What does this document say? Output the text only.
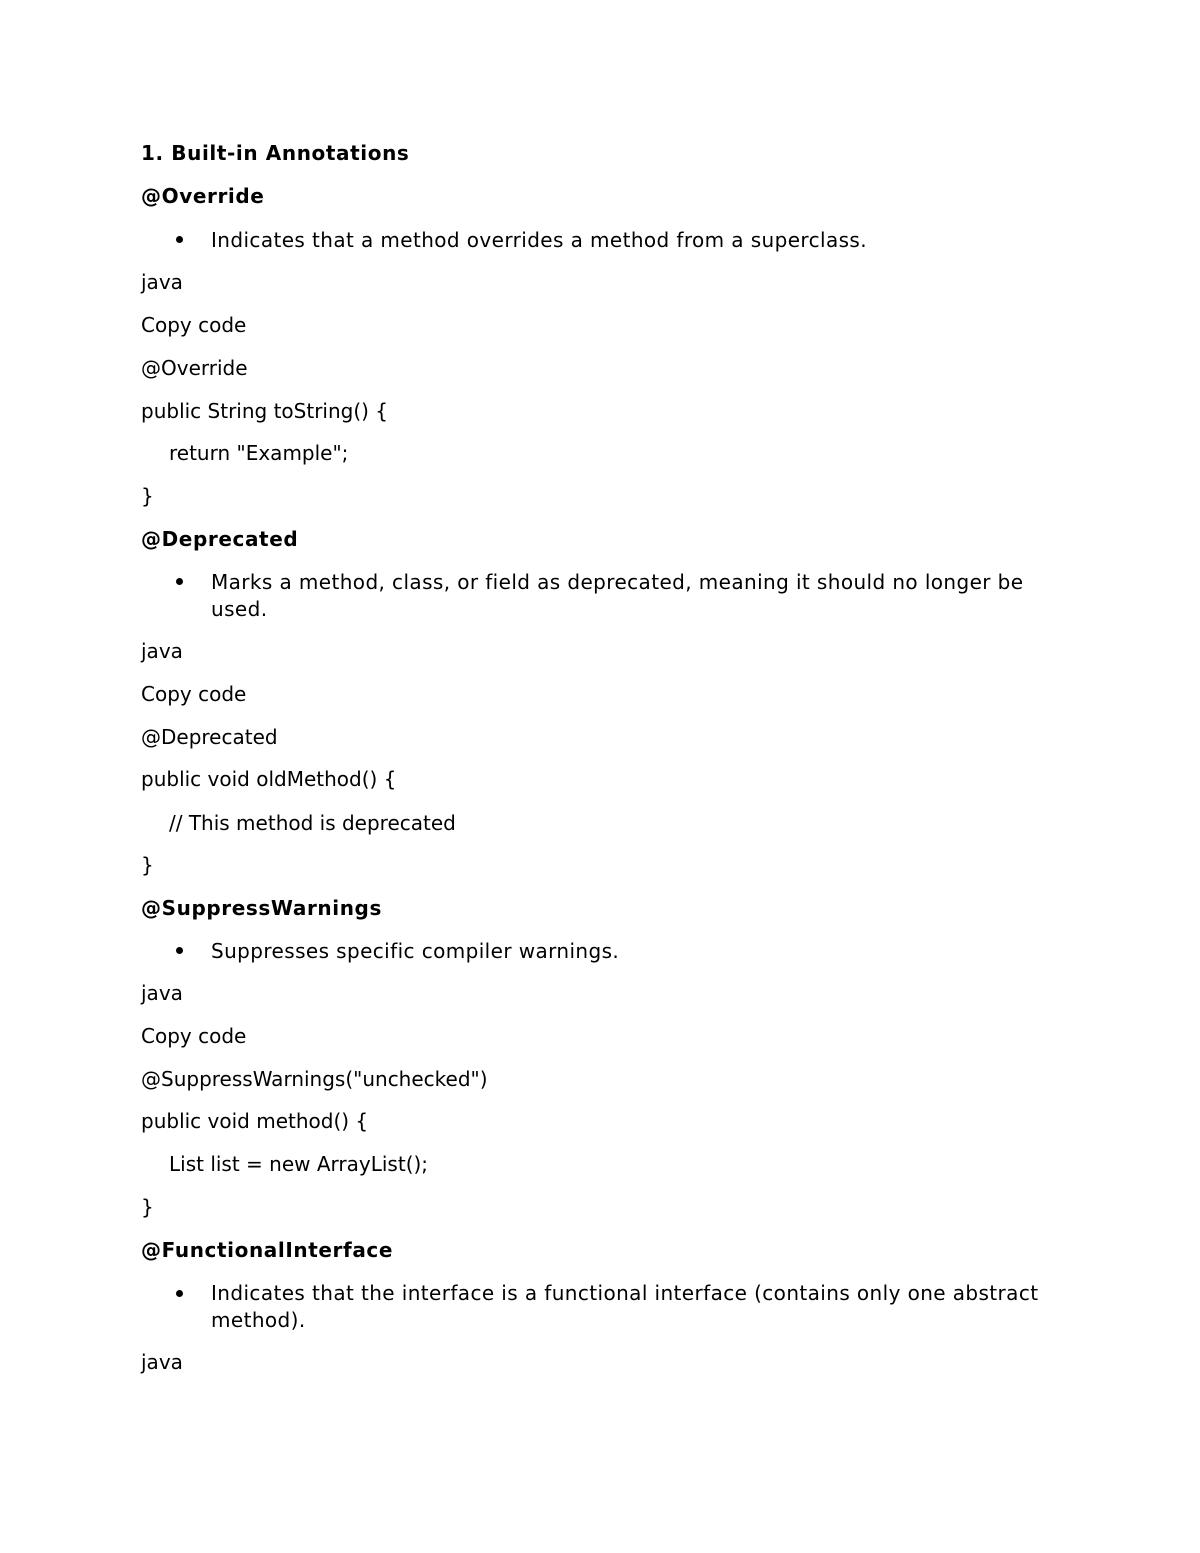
1. Built-in Annotations
@Override
Indicates that a method overrides a method from a superclass.
java
Copy code
@Override
public String toString() {
return "Example";
}
@Deprecated
Marks a method, class, or field as deprecated, meaning it should no longer be used.
java
Copy code
@Deprecated
public void oldMethod() {
// This method is deprecated
}
@SuppressWarnings
Suppresses specific compiler warnings.
java
Copy code
@SuppressWarnings("unchecked")
public void method() {
List list = new ArrayList();
}
@FunctionalInterface
Indicates that the interface is a functional interface (contains only one abstract method).
java
